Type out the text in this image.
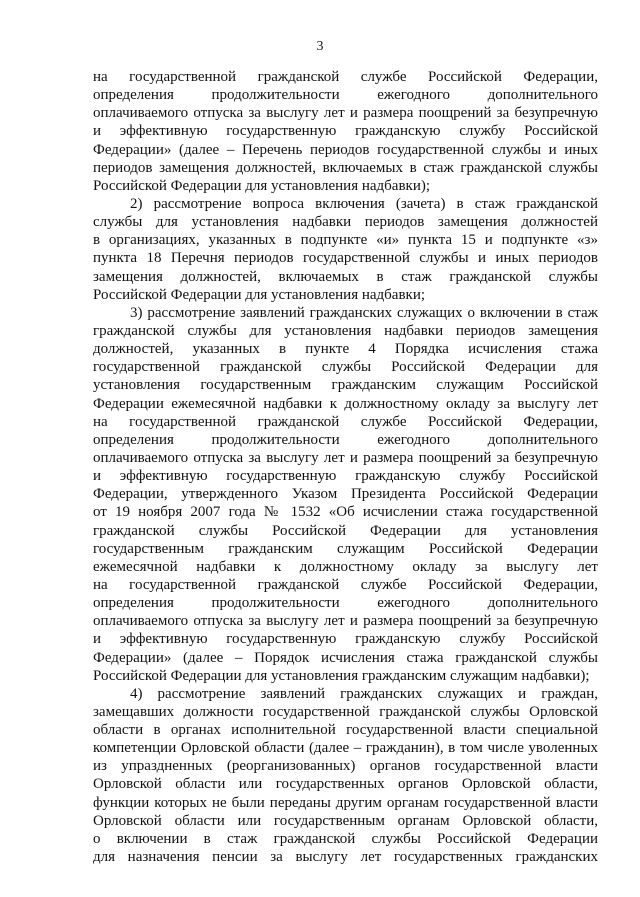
3
на государственной гражданской службе Российской Федерации,
определения продолжительности ежегодного дополнительного
оплачиваемого отпуска за выслугу лет и размера поощрений за безупречную
и эффективную государственную гражданскую службу Российской
Федерации» (далее – Перечень периодов государственной службы и иных
периодов замещения должностей, включаемых в стаж гражданской службы
Российской Федерации для установления надбавки);
2) рассмотрение вопроса включения (зачета) в стаж гражданской
службы для установления надбавки периодов замещения должностей
в организациях, указанных в подпункте «и» пункта 15 и подпункте «з»
пункта 18 Перечня периодов государственной службы и иных периодов
замещения должностей, включаемых в стаж гражданской службы
Российской Федерации для установления надбавки;
3) рассмотрение заявлений гражданских служащих о включении в стаж
гражданской службы для установления надбавки периодов замещения
должностей, указанных в пункте 4 Порядка исчисления стажа
государственной гражданской службы Российской Федерации для
установления государственным гражданским служащим Российской
Федерации ежемесячной надбавки к должностному окладу за выслугу лет
на государственной гражданской службе Российской Федерации,
определения продолжительности ежегодного дополнительного
оплачиваемого отпуска за выслугу лет и размера поощрений за безупречную
и эффективную государственную гражданскую службу Российской
Федерации, утвержденного Указом Президента Российской Федерации
от 19 ноября 2007 года № 1532 «Об исчислении стажа государственной
гражданской службы Российской Федерации для установления
государственным гражданским служащим Российской Федерации
ежемесячной надбавки к должностному окладу за выслугу лет
на государственной гражданской службе Российской Федерации,
определения продолжительности ежегодного дополнительного
оплачиваемого отпуска за выслугу лет и размера поощрений за безупречную
и эффективную государственную гражданскую службу Российской
Федерации» (далее – Порядок исчисления стажа гражданской службы
Российской Федерации для установления гражданским служащим надбавки);
4) рассмотрение заявлений гражданских служащих и граждан,
замещавших должности государственной гражданской службы Орловской
области в органах исполнительной государственной власти специальной
компетенции Орловской области (далее – гражданин), в том числе уволенных
из упраздненных (реорганизованных) органов государственной власти
Орловской области или государственных органов Орловской области,
функции которых не были переданы другим органам государственной власти
Орловской области или государственным органам Орловской области,
о включении в стаж гражданской службы Российской Федерации
для назначения пенсии за выслугу лет государственных гражданских
